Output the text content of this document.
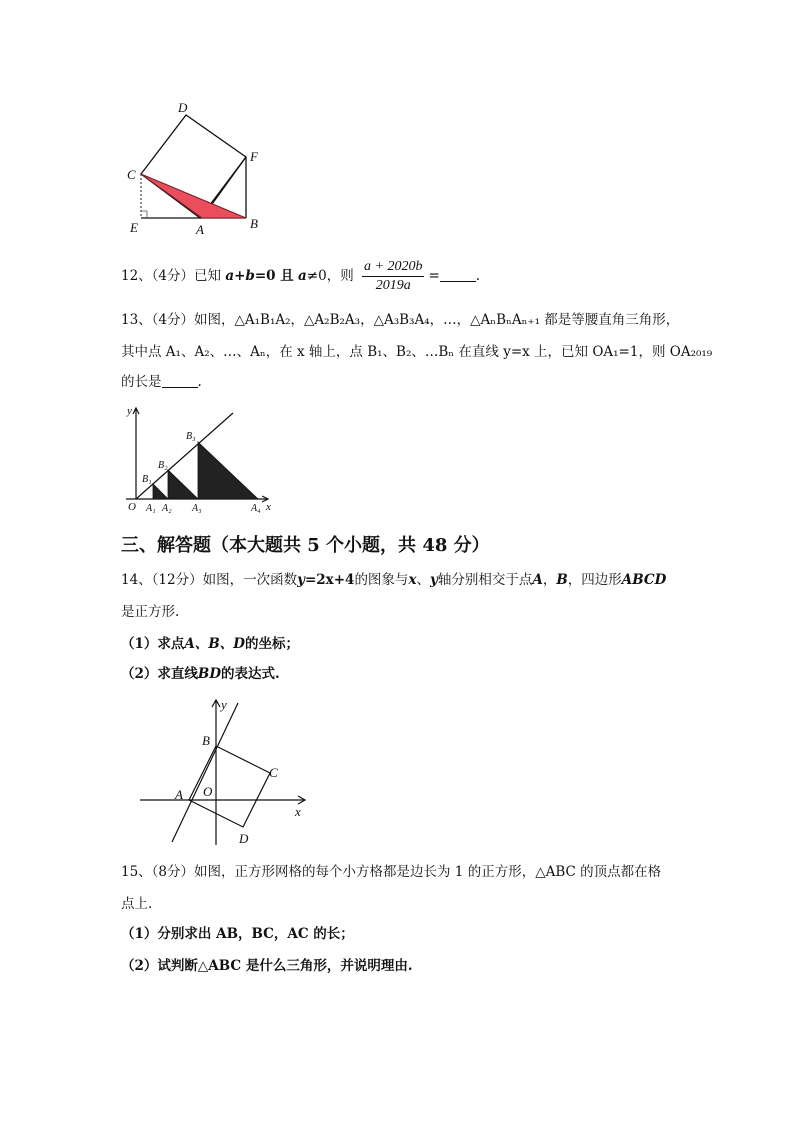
D
C
F
E	A	B
12、（4分）已知 a+b=0 且 a≠0，则 $\frac{a + 2020b}{2019a}$ =	.
13、（4分）如图，△A₁B₁A₂，△A₂B₂A₃，△A₃B₃A₄，…，△AₙBₙAₙ₊₁ 都是等腰直角三角形，
其中点 A₁、A₂、…、Aₙ，在 x 轴上，点 B₁、B₂、…Bₙ 在直线 y=x 上，已知 OA₁=1，则 OA₂₀₁₉
的长是	.
y
x
O A₁ A₂ A₃	A₄
B₁
B₂
B₃
三、解答题（本大题共 5 个小题，共 48 分）
14、（12分）如图，一次函数y=2x+4的图象与x、y轴分别相交于点A，B，四边形ABCD
是正方形.
（1）求点A、B、D的坐标；
（2）求直线BD的表达式.
y
x
O
A
B
C
D
15、（8分）如图，正方形网格的每个小方格都是边长为 1 的正方形，△ABC 的顶点都在格
点上.
（1）分别求出 AB，BC，AC 的长；
（2）试判断△ABC 是什么三角形，并说明理由.
